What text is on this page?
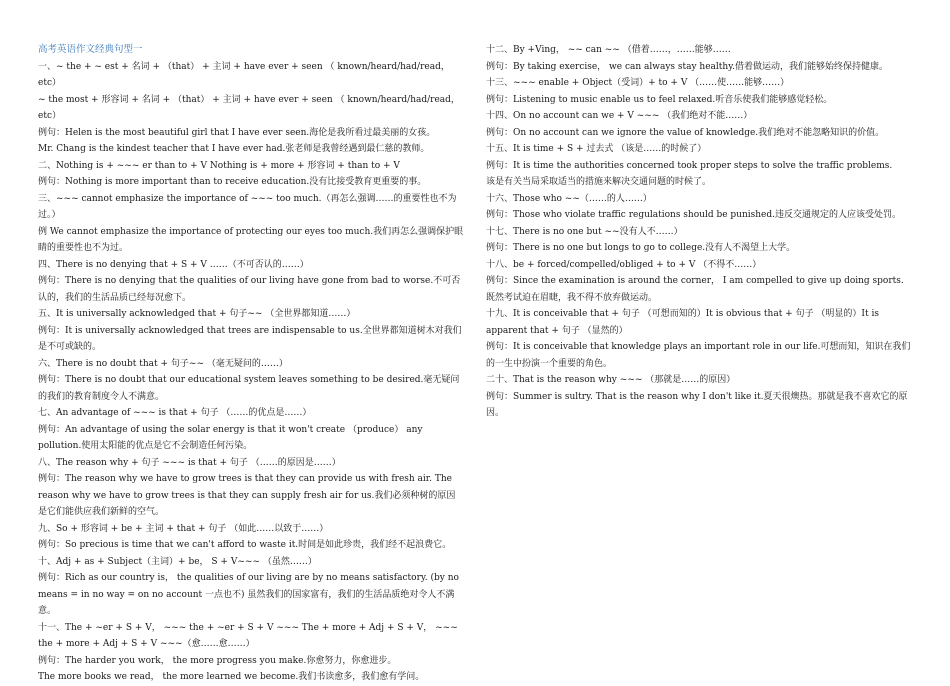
高考英语作文经典句型一
一、~ the + ~ est + 名词 + （that） + 主词 + have ever + seen （ known/heard/had/read， etc）
~ the most + 形容词 + 名词 + （that） + 主词 + have ever + seen （ known/heard/had/read， etc）
例句：Helen is the most beautiful girl that I have ever seen.海伦是我所看过最美丽的女孩。
Mr. Chang is the kindest teacher that I have ever had.张老师是我曾经遇到最仁慈的教师。
二、Nothing is + ~~~ er than to + V Nothing is + more + 形容词 + than to + V
例句：Nothing is more important than to receive education.没有比接受教育更重要的事。
三、~~~ cannot emphasize the importance of ~~~ too much.（再怎么强调……的重要性也不为过。）
例 We cannot emphasize the importance of protecting our eyes too much.我们再怎么强调保护眼睛的重要性也不为过。
四、There is no denying that + S + V ……（不可否认的……）
例句：There is no denying that the qualities of our living have gone from bad to worse.不可否认的，我们的生活品质已经每况愈下。
五、It is universally acknowledged that + 句子~~ （全世界都知道……）
例句：It is universally acknowledged that trees are indispensable to us.全世界都知道树木对我们是不可或缺的。
六、There is no doubt that + 句子~~ （毫无疑问的……）
例句：There is no doubt that our educational system leaves something to be desired.毫无疑问的我们的教育制度令人不满意。
七、An advantage of ~~~ is that + 句子 （……的优点是……）
例句：An advantage of using the solar energy is that it won't create （produce） any pollution.使用太阳能的优点是它不会制造任何污染。
八、The reason why + 句子 ~~~ is that + 句子 （……的原因是……）
例句：The reason why we have to grow trees is that they can provide us with fresh air. The reason why we have to grow trees is that they can supply fresh air for us.我们必须种树的原因是它们能供应我们新鲜的空气。
九、So + 形容词 + be + 主词 + that + 句子 （如此……以致于……）
例句：So precious is time that we can't afford to waste it.时间是如此珍贵，我们经不起浪费它。
十、Adj + as + Subject（主词）+ be， S + V~~~ （虽然……）
例句：Rich as our country is， the qualities of our living are by no means satisfactory. (by no means = in no way = on no account 一点也不) 虽然我们的国家富有，我们的生活品质绝对令人不满意。
十一、The + ~er + S + V， ~~~ the + ~er + S + V ~~~ The + more + Adj + S + V， ~~~ the + more + Adj + S + V ~~~（愈……愈……）
例句：The harder you work， the more progress you make.你愈努力，你愈进步。
The more books we read， the more learned we become.我们书读愈多，我们愈有学问。
十二、By +Ving， ~~ can ~~ （借着……，……能够……
例句：By taking exercise， we can always stay healthy.借着做运动，我们能够始终保持健康。
十三、~~~ enable + Object（受词）+ to + V （……使……能够……）
例句：Listening to music enable us to feel relaxed.听音乐使我们能够感觉轻松。
十四、On no account can we + V ~~~ （我们绝对不能……）
例句：On no account can we ignore the value of knowledge.我们绝对不能忽略知识的价值。
十五、It is time + S + 过去式 （该是……的时候了）
例句：It is time the authorities concerned took proper steps to solve the traffic problems.
该是有关当局采取适当的措施来解决交通问题的时候了。
十六、Those who ~~（……的人……）
例句：Those who violate traffic regulations should be punished.违反交通规定的人应该受处罚。
十七、There is no one but ~~没有人不……）
例句：There is no one but longs to go to college.没有人不渴望上大学。
十八、be + forced/compelled/obliged + to + V （不得不……）
例句：Since the examination is around the corner， I am compelled to give up doing sports.
既然考试迫在眉睫，我不得不放弃做运动。
十九、It is conceivable that + 句子 （可想而知的）It is obvious that + 句子 （明显的）It is apparent that + 句子 （显然的）
例句：It is conceivable that knowledge plays an important role in our life.可想而知，知识在我们的一生中扮演一个重要的角色。
二十、That is the reason why ~~~ （那就是……的原因）
例句：Summer is sultry. That is the reason why I don't like it.夏天很燠热。那就是我不喜欢它的原因。
